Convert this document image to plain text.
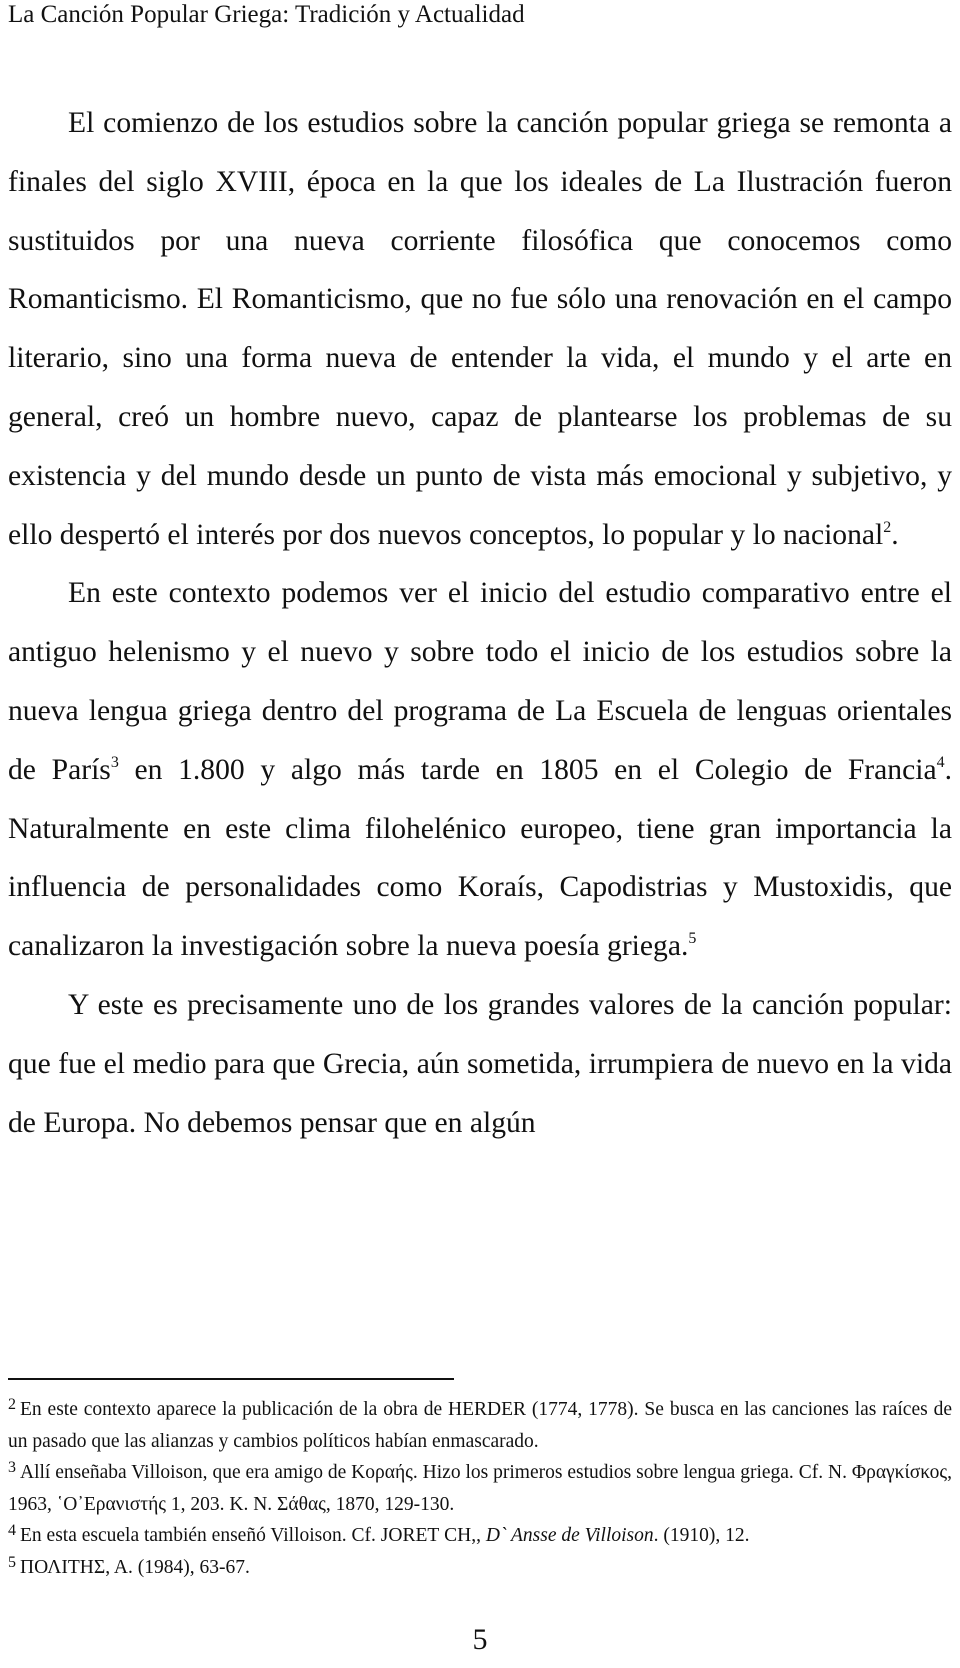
La Canción Popular Griega: Tradición y Actualidad

El comienzo de los estudios sobre la canción popular griega se remonta a finales del siglo XVIII, época en la que los ideales de La Ilustración fueron sustituidos por una nueva corriente filosófica que conocemos como Romanticismo. El Romanticismo, que no fue sólo una renovación en el campo literario, sino una forma nueva de entender la vida, el mundo y el arte en general, creó un hombre nuevo, capaz de plantearse los problemas de su existencia y del mundo desde un punto de vista más emocional y subjetivo, y ello despertó el interés por dos nuevos conceptos, lo popular y lo nacional$^2$.

En este contexto podemos ver el inicio del estudio comparativo entre el antiguo helenismo y el nuevo y sobre todo el inicio de los estudios sobre la nueva lengua griega dentro del programa de La Escuela de lenguas orientales de París$^3$ en 1.800 y algo más tarde en 1805 en el Colegio de Francia$^4$. Naturalmente en este clima filohelénico europeo, tiene gran importancia la influencia de personalidades como Koraís, Capodistrias y Mustoxidis, que canalizaron la investigación sobre la nueva poesía griega.$^5$

Y este es precisamente uno de los grandes valores de la canción popular: que fue el medio para que Grecia, aún sometida, irrumpiera de nuevo en la vida de Europa. No debemos pensar que en algún

$^2$ En este contexto aparece la publicación de la obra de HERDER (1774, 1778). Se busca en las canciones las raíces de un pasado que las alianzas y cambios políticos habían enmascarado.

$^3$ Allí enseñaba Villoison, que era amigo de Κοραής. Hizo los primeros estudios sobre lengua griega. Cf. Ν. Φραγκίσκος, 1963, ῾Ο᾽Ερανιστής 1, 203. Κ. Ν. Σάθας, 1870, 129-130.

$^4$ En esta escuela también enseñó Villoison. Cf. JORET CH,, D` Ansse de Villoison. (1910), 12.

$^5$ ΠΟΛΙΤΗΣ, Α. (1984), 63-67.

5
